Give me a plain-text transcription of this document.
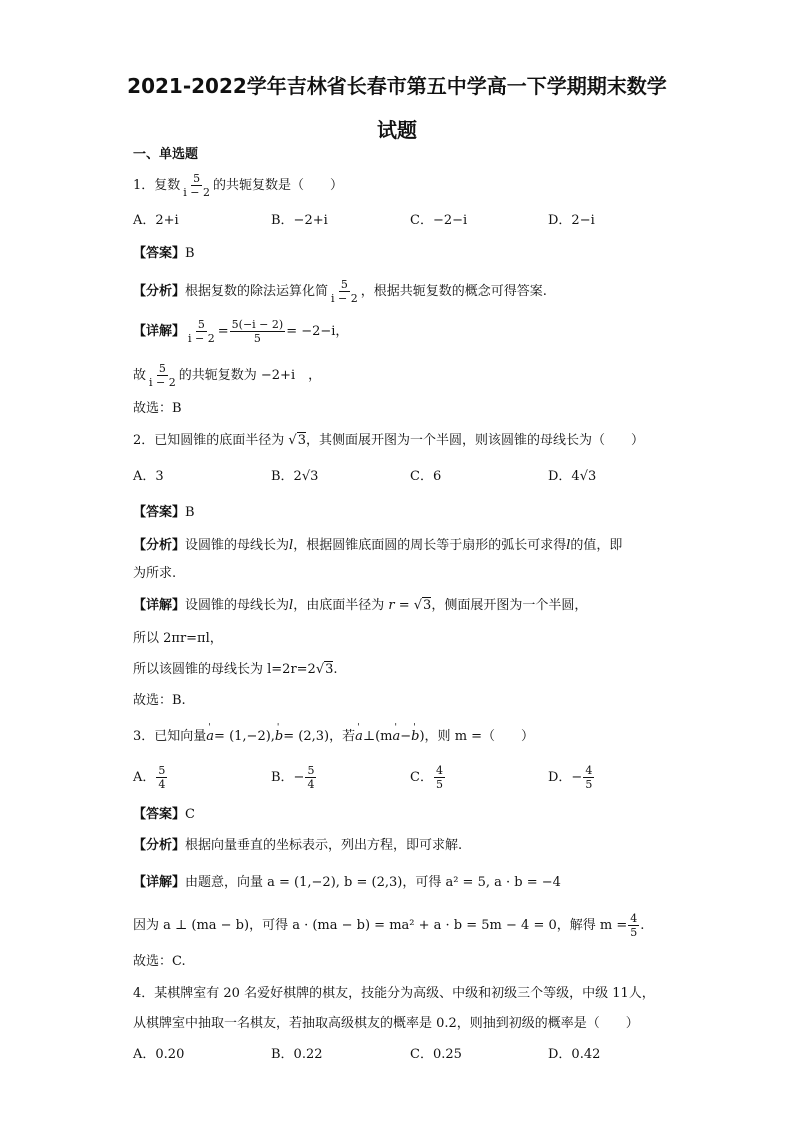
2021-2022学年吉林省长春市第五中学高一下学期期末数学
试题
一、单选题
1．复数 $\frac{5}{i - 2}$ 的共轭复数是（　　）
A．2+i	B．−2+i	C．−2−i	D．2−i
【答案】B
【分析】根据复数的除法运算化简 $\frac{5}{i - 2}$ ，根据共轭复数的概念可得答案.
【详解】 $\frac{5}{i - 2} = \frac{5(-i - 2)}{5} = -2-i$，
故 $\frac{5}{i - 2}$ 的共轭复数为 −2+i　，
故选：B
2．已知圆锥的底面半径为 √3，其侧面展开图为一个半圆，则该圆锥的母线长为（　　）
A．3	B．2√3	C．6	D．4√3
【答案】B
【分析】设圆锥的母线长为l，根据圆锥底面圆的周长等于扇形的弧长可求得l的值，即
为所求.
【详解】设圆锥的母线长为l，由底面半径为 r = √3，侧面展开图为一个半圆，
所以 2πr=πl，
所以该圆锥的母线长为 l=2r=2√3.
故选：B.
3．已知向量' a= (1,−2),' b= (2,3)，若' a⊥(m' a−' b)，则 m =（　　）
A． $\frac{5}{4}$	B．− $\frac{5}{4}$	C． $\frac{4}{5}$	D．− $\frac{4}{5}$
【答案】C
【分析】根据向量垂直的坐标表示，列出方程，即可求解.
【详解】由题意，向量 a = (1,−2), b = (2,3)，可得 a² = 5, a · b = −4
因为 a ⊥ (ma − b)，可得 a · (ma − b) = ma² + a · b = 5m − 4 = 0，解得 $m = \frac{4}{5}$ .
故选：C.
4．某棋牌室有 20 名爱好棋牌的棋友，技能分为高级、中级和初级三个等级，中级 11人，
从棋牌室中抽取一名棋友，若抽取高级棋友的概率是 0.2，则抽到初级的概率是（　　）
A．0.20	B．0.22	C．0.25	D．0.42
